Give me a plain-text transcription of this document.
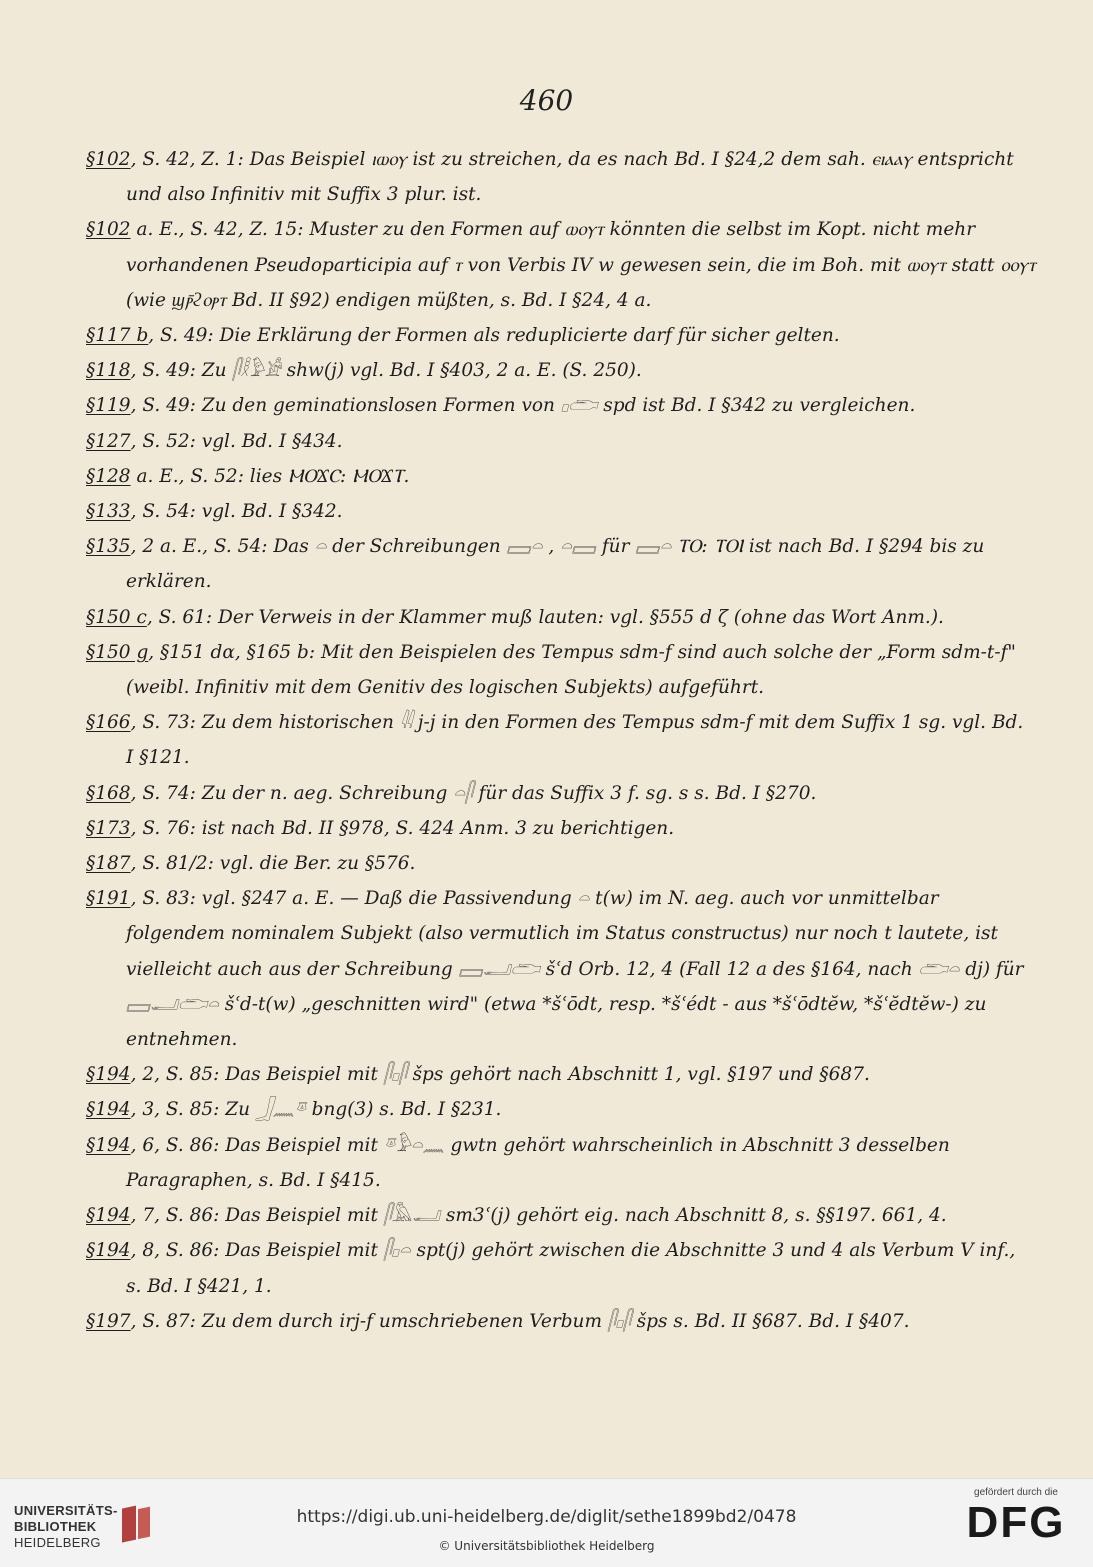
460

§102, S. 42, Z. 1: Das Beispiel ⲓⲱⲟⲩ ist zu streichen, da es nach Bd. I §24,2 dem sah. ⲉⲓⲁⲁⲩ entspricht und also Infinitiv mit Suffix 3 plur. ist.

§102 a. E., S. 42, Z. 15: Muster zu den Formen auf ⲱⲟⲩⲧ könnten die selbst im Kopt. nicht mehr vorhandenen Pseudoparticipia auf ⲧ von Verbis IV w gewesen sein, die im Boh. mit ⲱⲟⲩⲧ statt ⲟⲟⲩⲧ (wie ϣⲣ̄ϩⲟⲣⲧ Bd. II §92) endigen müßten, s. Bd. I §24, 4 a.

§117 b, S. 49: Die Erklärung der Formen als reduplicierte darf für sicher gelten.

§118, S. 49: Zu 𓋴𓎛𓅱𓀀 shw(j) vgl. Bd. I §403, 2 a. E. (S. 250).

§119, S. 49: Zu den geminationslosen Formen von 𓊪𓂧 spd ist Bd. I §342 zu vergleichen.

§127, S. 52: vgl. Bd. I §434.

§128 a. E., S. 52: lies ⲘⲞϪⲤ: ⲘⲞϪⲦ.

§133, S. 54: vgl. Bd. I §342.

§135, 2 a. E., S. 54: Das 𓏏 der Schreibungen 𓈙𓏏 , 𓏏𓈙 für 𓈙𓏏 ⲦⲞ: ⲦⲞⲒ ist nach Bd. I §294 bis zu erklären.

§150 c, S. 61: Der Verweis in der Klammer muß lauten: vgl. §555 d ζ (ohne das Wort Anm.).

§150 g, §151 dα, §165 b: Mit den Beispielen des Tempus sdm-f sind auch solche der „Form sdm-t-f" (weibl. Infinitiv mit dem Genitiv des logischen Subjekts) aufgeführt.

§166, S. 73: Zu dem historischen 𓇌 j-j in den Formen des Tempus sdm-f mit dem Suffix 1 sg. vgl. Bd. I §121.

§168, S. 74: Zu der n. aeg. Schreibung 𓏏𓋴 für das Suffix 3 f. sg. s s. Bd. I §270.

§173, S. 76: ist nach Bd. II §978, S. 424 Anm. 3 zu berichtigen.

§187, S. 81/2: vgl. die Ber. zu §576.

§191, S. 83: vgl. §247 a. E. — Daß die Passivendung 𓏏 t(w) im N. aeg. auch vor unmittelbar folgendem nominalem Subjekt (also vermutlich im Status constructus) nur noch t lautete, ist vielleicht auch aus der Schreibung 𓈙𓂝𓂧 šʿd Orb. 12, 4 (Fall 12 a des §164, nach 𓂧𓏏 dj) für 𓈙𓂝𓂧𓏏 šʿd-t(w) „geschnitten wird" (etwa *šʿōdt, resp. *šʿédt - aus *šʿōdtĕw, *šʿĕdtĕw-) zu entnehmen.

§194, 2, S. 85: Das Beispiel mit 𓋴𓊪𓋴 šps gehört nach Abschnitt 1, vgl. §197 und §687.

§194, 3, S. 85: Zu 𓃀𓈖𓎼 bng(3) s. Bd. I §231.

§194, 6, S. 86: Das Beispiel mit 𓎼𓅱𓏏𓈖 gwtn gehört wahrscheinlich in Abschnitt 3 desselben Paragraphen, s. Bd. I §415.

§194, 7, S. 86: Das Beispiel mit 𓋴𓅓𓂝 sm3ʿ(j) gehört eig. nach Abschnitt 8, s. §§197. 661, 4.

§194, 8, S. 86: Das Beispiel mit 𓋴𓊪𓏏 spt(j) gehört zwischen die Abschnitte 3 und 4 als Verbum V inf., s. Bd. I §421, 1.

§197, S. 87: Zu dem durch irj-f umschriebenen Verbum 𓋴𓊪𓋴 šps s. Bd. II §687. Bd. I §407.

UNIVERSITÄTS-
BIBLIOTHEK
HEIDELBERG
https://digi.ub.uni-heidelberg.de/diglit/sethe1899bd2/0478
© Universitätsbibliothek Heidelberg
gefördert durch die
DFG
